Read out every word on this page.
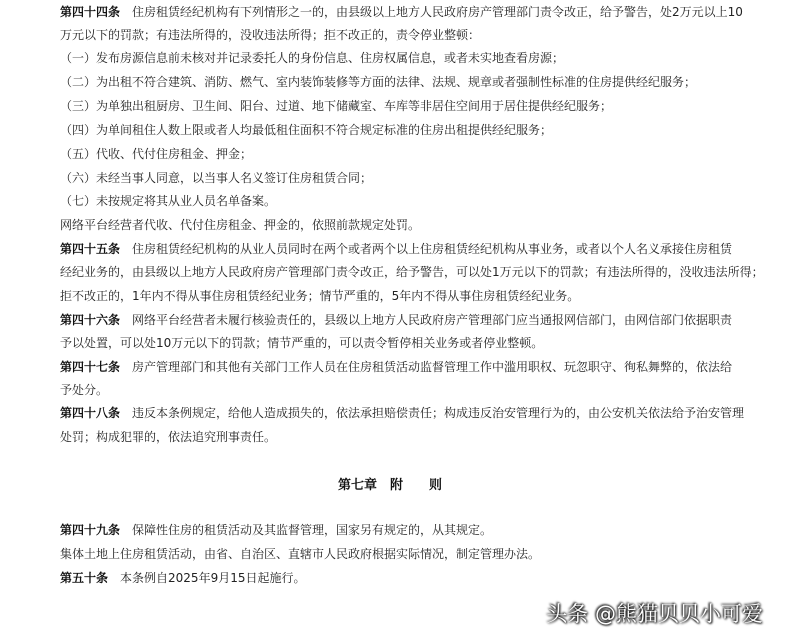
第四十四条　 住房租赁经纪机构有下列情形之一的，由县级以上地方人民政府房产管理部门责令改正，给予警告，处2万元以上10
万元以下的罚款；有违法所得的，没收违法所得；拒不改正的，责令停业整顿：
（一）发布房源信息前未核对并记录委托人的身份信息、住房权属信息，或者未实地查看房源；
（二）为出租不符合建筑、消防、燃气、室内装饰装修等方面的法律、法规、规章或者强制性标准的住房提供经纪服务；
（三）为单独出租厨房、卫生间、阳台、过道、地下储藏室、车库等非居住空间用于居住提供经纪服务；
（四）为单间租住人数上限或者人均最低租住面积不符合规定标准的住房出租提供经纪服务；
（五）代收、代付住房租金、押金；
（六）未经当事人同意，以当事人名义签订住房租赁合同；
（七）未按规定将其从业人员名单备案。
网络平台经营者代收、代付住房租金、押金的，依照前款规定处罚。
第四十五条　 住房租赁经纪机构的从业人员同时在两个或者两个以上住房租赁经纪机构从事业务，或者以个人名义承接住房租赁
经纪业务的，由县级以上地方人民政府房产管理部门责令改正，给予警告，可以处1万元以下的罚款；有违法所得的，没收违法所得；
拒不改正的，1年内不得从事住房租赁经纪业务；情节严重的，5年内不得从事住房租赁经纪业务。
第四十六条　 网络平台经营者未履行核验责任的，县级以上地方人民政府房产管理部门应当通报网信部门，由网信部门依据职责
予以处置，可以处10万元以下的罚款；情节严重的，可以责令暂停相关业务或者停业整顿。
第四十七条　 房产管理部门和其他有关部门工作人员在住房租赁活动监督管理工作中滥用职权、玩忽职守、徇私舞弊的，依法给
予处分。
第四十八条　 违反本条例规定，给他人造成损失的，依法承担赔偿责任；构成违反治安管理行为的，由公安机关依法给予治安管理
处罚；构成犯罪的，依法追究刑事责任。
第七章　附　　则
第四十九条　 保障性住房的租赁活动及其监督管理，国家另有规定的，从其规定。
集体土地上住房租赁活动，由省、自治区、直辖市人民政府根据实际情况，制定管理办法。
第五十条　 本条例自2025年9月15日起施行。
头条 @熊猫贝贝小可爱
